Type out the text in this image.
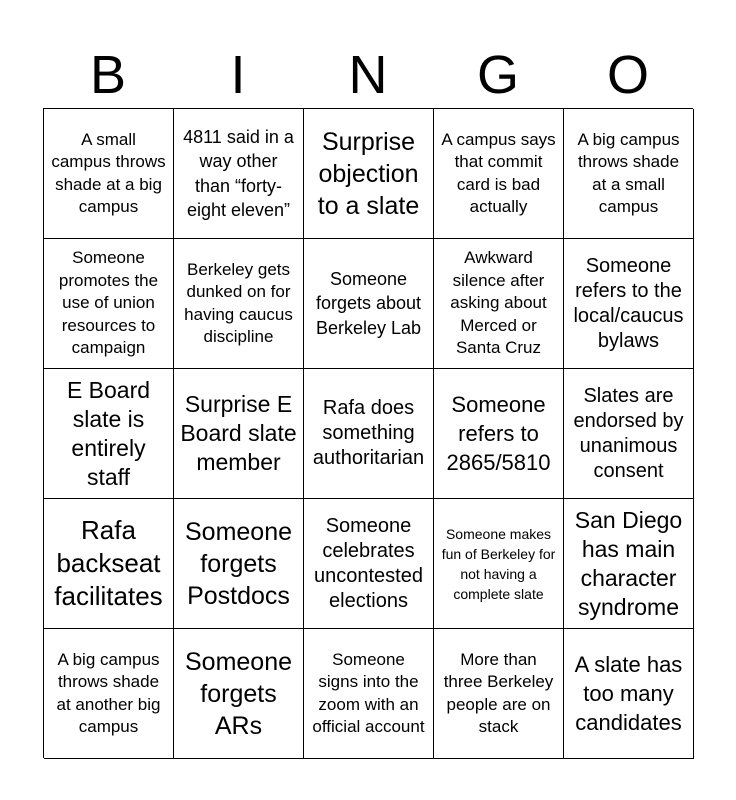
B	I	N	G	O
A small campus throws shade at a big campus
4811 said in a way other than “forty-eight eleven”
Surprise objection to a slate
A campus says that commit card is bad actually
A big campus throws shade at a small campus
Someone promotes the use of union resources to campaign
Berkeley gets dunked on for having caucus discipline
Someone forgets about Berkeley Lab
Awkward silence after asking about Merced or Santa Cruz
Someone refers to the local/caucus bylaws
E Board slate is entirely staff
Surprise E Board slate member
Rafa does something authoritarian
Someone refers to 2865/5810
Slates are endorsed by unanimous consent
Rafa backseat facilitates
Someone forgets Postdocs
Someone celebrates uncontested elections
Someone makes fun of Berkeley for not having a complete slate
San Diego has main character syndrome
A big campus throws shade at another big campus
Someone forgets ARs
Someone signs into the zoom with an official account
More than three Berkeley people are on stack
A slate has too many candidates
